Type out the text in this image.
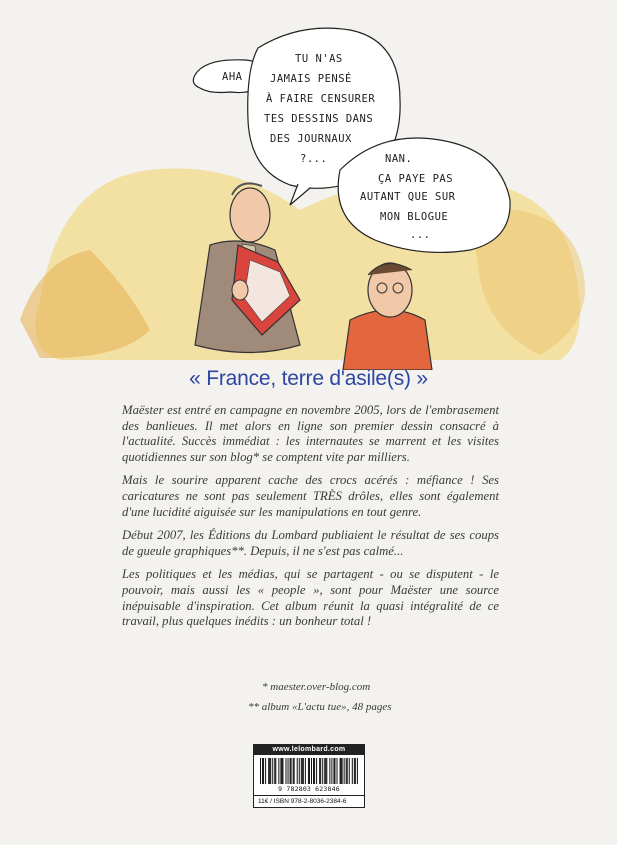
AHA
TU N'AS
JAMAIS PENSÉ
À FAIRE CENSURER
TES DESSINS DANS
DES JOURNAUX
?...	NAN.
ÇA PAYE PAS
AUTANT QUE SUR
MON BLOGUE
...
« France, terre d'asile(s) »

Maëster est entré en campagne en novembre 2005, lors de l'embrasement des banlieues. Il met alors en ligne son premier dessin consacré à l'actualité. Succès immédiat : les internautes se marrent et les visites quotidiennes sur son blog* se comptent vite par milliers.

Mais le sourire apparent cache des crocs acérés : méfiance ! Ses caricatures ne sont pas seulement TRÈS drôles, elles sont également d'une lucidité aiguisée sur les manipulations en tout genre.

Début 2007, les Éditions du Lombard publiaient le résultat de ses coups de gueule graphiques**. Depuis, il ne s'est pas calmé...

Les politiques et les médias, qui se partagent - ou se disputent - le pouvoir, mais aussi les « people », sont pour Maëster une source inépuisable d'inspiration. Cet album réunit la quasi intégralité de ce travail, plus quelques inédits : un bonheur total !

* maester.over-blog.com
** album «L'actu tue», 48 pages
www.lelombard.com
9 782803 623846
11€ / ISBN 978-2-8036-2384-6
